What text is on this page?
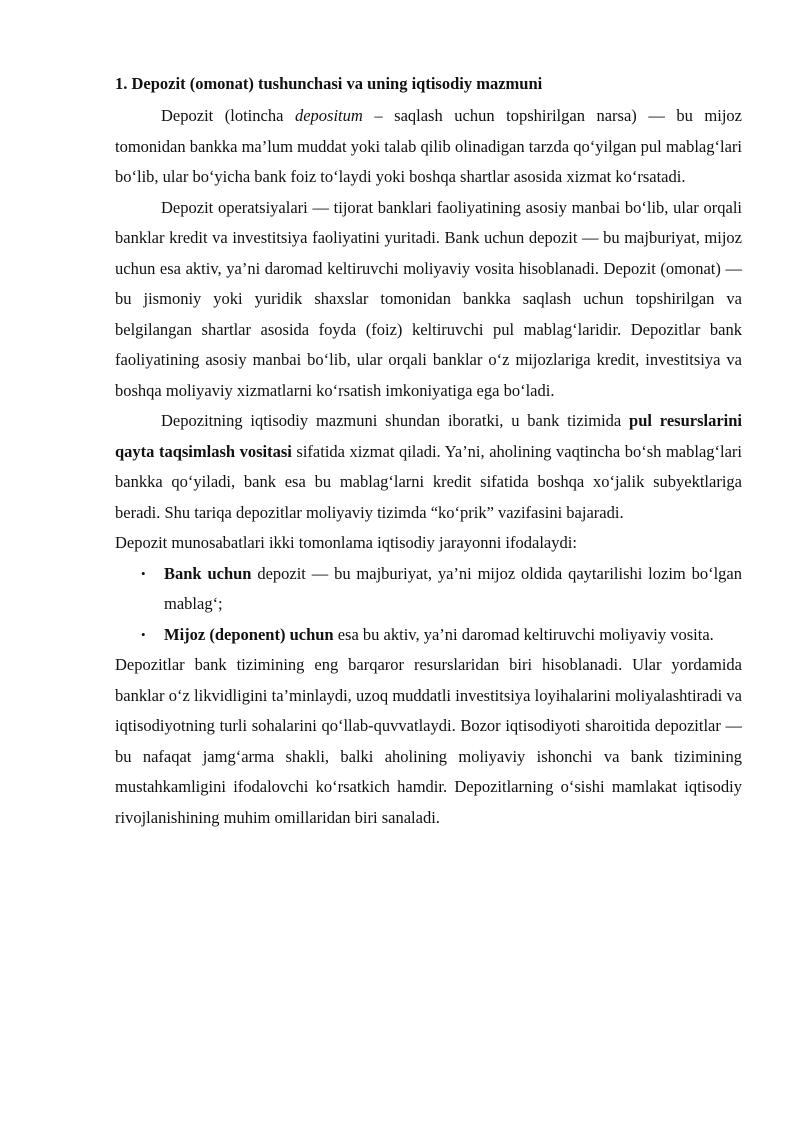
1. Depozit (omonat) tushunchasi va uning iqtisodiy mazmuni

Depozit (lotincha depositum – saqlash uchun topshirilgan narsa) — bu mijoz tomonidan bankka ma’lum muddat yoki talab qilib olinadigan tarzda qo‘yilgan pul mablag‘lari bo‘lib, ular bo‘yicha bank foiz to‘laydi yoki boshqa shartlar asosida xizmat ko‘rsatadi.

Depozit operatsiyalari — tijorat banklari faoliyatining asosiy manbai bo‘lib, ular orqali banklar kredit va investitsiya faoliyatini yuritadi. Bank uchun depozit — bu majburiyat, mijoz uchun esa aktiv, ya’ni daromad keltiruvchi moliyaviy vosita hisoblanadi. Depozit (omonat) — bu jismoniy yoki yuridik shaxslar tomonidan bankka saqlash uchun topshirilgan va belgilangan shartlar asosida foyda (foiz) keltiruvchi pul mablag‘laridir. Depozitlar bank faoliyatining asosiy manbai bo‘lib, ular orqali banklar o‘z mijozlariga kredit, investitsiya va boshqa moliyaviy xizmatlarni ko‘rsatish imkoniyatiga ega bo‘ladi.

Depozitning iqtisodiy mazmuni shundan iboratki, u bank tizimida pul resurslarini qayta taqsimlash vositasi sifatida xizmat qiladi. Ya’ni, aholining vaqtincha bo‘sh mablag‘lari bankka qo‘yiladi, bank esa bu mablag‘larni kredit sifatida boshqa xo‘jalik subyektlariga beradi. Shu tariqa depozitlar moliyaviy tizimda “ko‘prik” vazifasini bajaradi.

Depozit munosabatlari ikki tomonlama iqtisodiy jarayonni ifodalaydi:

• Bank uchun depozit — bu majburiyat, ya’ni mijoz oldida qaytarilishi lozim bo‘lgan mablag‘;
• Mijoz (deponent) uchun esa bu aktiv, ya’ni daromad keltiruvchi moliyaviy vosita.

Depozitlar bank tizimining eng barqaror resurslaridan biri hisoblanadi. Ular yordamida banklar o‘z likvidligini ta’minlaydi, uzoq muddatli investitsiya loyihalarini moliyalashtiradi va iqtisodiyotning turli sohalarini qo‘llab-quvvatlaydi. Bozor iqtisodiyoti sharoitida depozitlar — bu nafaqat jamg‘arma shakli, balki aholining moliyaviy ishonchi va bank tizimining mustahkamligini ifodalovchi ko‘rsatkich hamdir. Depozitlarning o‘sishi mamlakat iqtisodiy rivojlanishining muhim omillaridan biri sanaladi.
